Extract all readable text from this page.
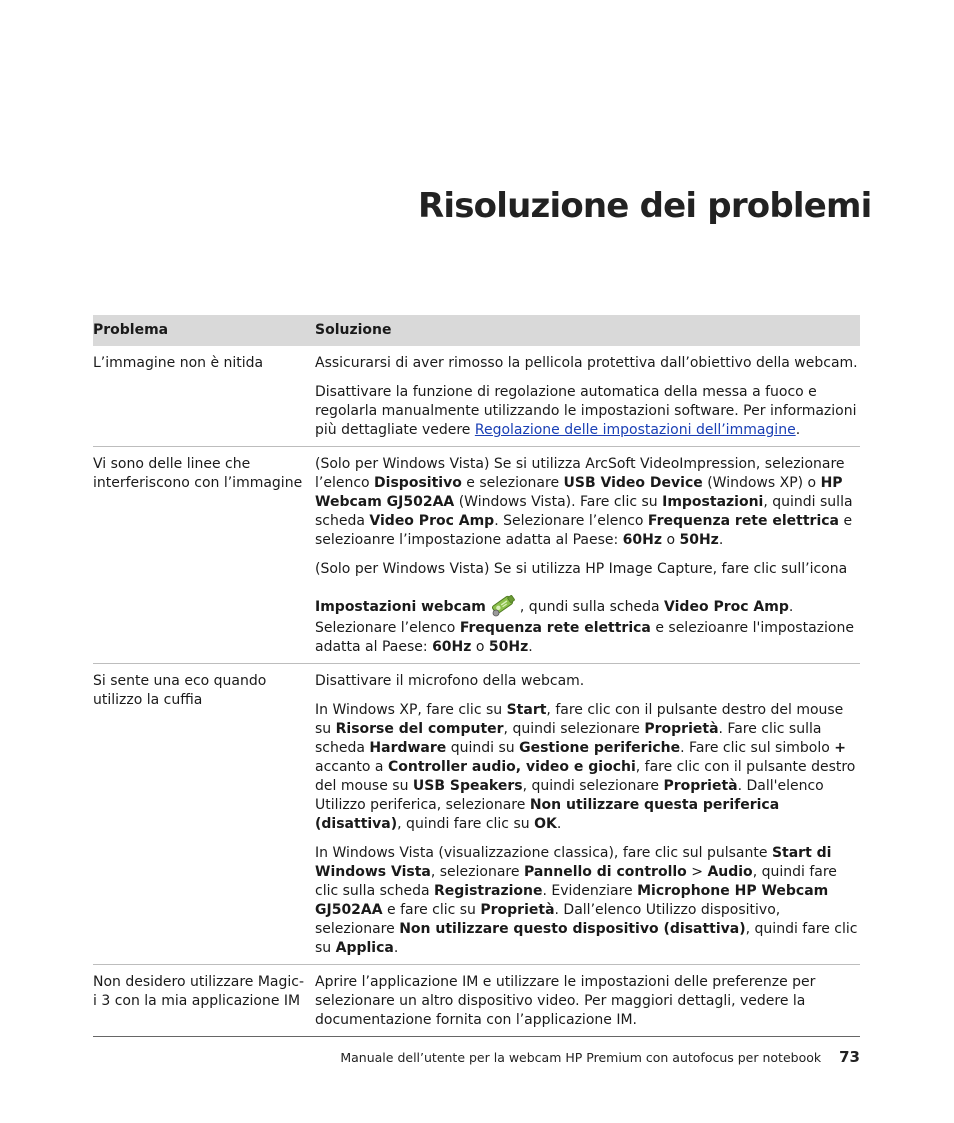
Risoluzione dei problemi
Problema	Soluzione
L’immagine non è nitida	Assicurarsi di aver rimosso la pellicola protettiva dall’obiettivo della webcam.

Disattivare la funzione di regolazione automatica della messa a fuoco e regolarla manualmente utilizzando le impostazioni software. Per informazioni più dettagliate vedere Regolazione delle impostazioni dell’immagine.

Vi sono delle linee che interferiscono con l’immagine

(Solo per Windows Vista) Se si utilizza ArcSoft VideoImpression, selezionare l’elenco Dispositivo e selezionare USB Video Device (Windows XP) o HP Webcam GJ502AA (Windows Vista). Fare clic su Impostazioni, quindi sulla scheda Video Proc Amp. Selezionare l’elenco Frequenza rete elettrica e selezioanre l’impostazione adatta al Paese: 60Hz o 50Hz.

(Solo per Windows Vista) Se si utilizza HP Image Capture, fare clic sull’icona

Impostazioni webcam , qundi sulla scheda Video Proc Amp. Selezionare l’elenco Frequenza rete elettrica e selezioanre l'impostazione adatta al Paese: 60Hz o 50Hz.

Si sente una eco quando utilizzo la cuffia

Disattivare il microfono della webcam.

In Windows XP, fare clic su Start, fare clic con il pulsante destro del mouse su Risorse del computer, quindi selezionare Proprietà. Fare clic sulla scheda Hardware quindi su Gestione periferiche. Fare clic sul simbolo + accanto a Controller audio, video e giochi, fare clic con il pulsante destro del mouse su USB Speakers, quindi selezionare Proprietà. Dall'elenco Utilizzo periferica, selezionare Non utilizzare questa periferica (disattiva), quindi fare clic su OK.

In Windows Vista (visualizzazione classica), fare clic sul pulsante Start di Windows Vista, selezionare Pannello di controllo > Audio, quindi fare clic sulla scheda Registrazione. Evidenziare Microphone HP Webcam GJ502AA e fare clic su Proprietà. Dall’elenco Utilizzo dispositivo, selezionare Non utilizzare questo dispositivo (disattiva), quindi fare clic su Applica.

Non desidero utilizzare Magic-i 3 con la mia applicazione IM

Aprire l’applicazione IM e utilizzare le impostazioni delle preferenze per selezionare un altro dispositivo video. Per maggiori dettagli, vedere la documentazione fornita con l’applicazione IM.

Manuale dell’utente per la webcam HP Premium con autofocus per notebook 73
